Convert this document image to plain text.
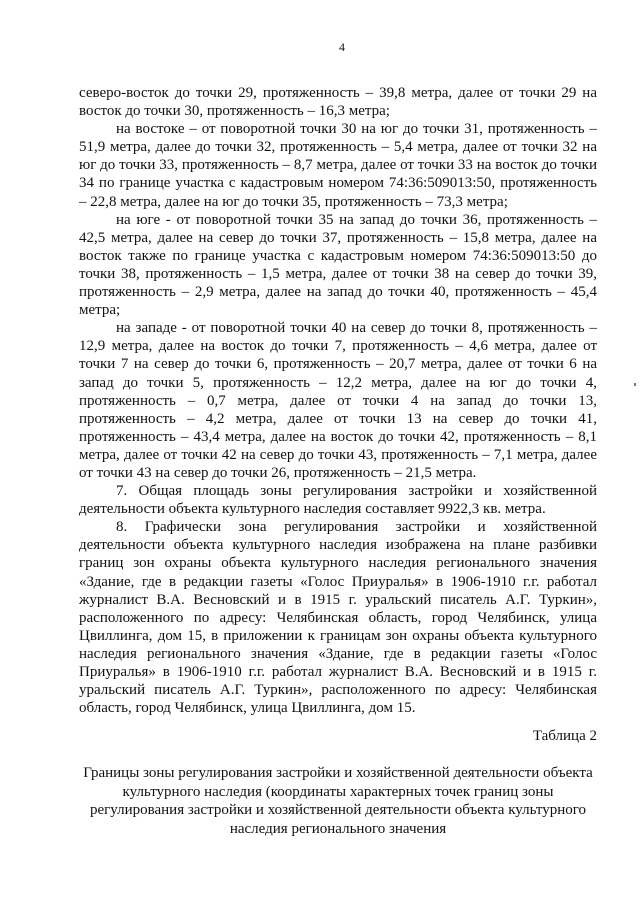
4

северо-восток до точки 29, протяженность – 39,8 метра, далее от точки 29 на восток до точки 30, протяженность – 16,3 метра;

на востоке – от поворотной точки 30 на юг до точки 31, протяженность – 51,9 метра, далее до точки 32, протяженность – 5,4 метра, далее от точки 32 на юг до точки 33, протяженность – 8,7 метра, далее от точки 33 на восток до точки 34 по границе участка с кадастровым номером 74:36:509013:50, протяженность – 22,8 метра, далее на юг до точки 35, протяженность – 73,3 метра;

на юге - от поворотной точки 35 на запад до точки 36, протяженность – 42,5 метра, далее на север до точки 37, протяженность – 15,8 метра, далее на восток также по границе участка с кадастровым номером 74:36:509013:50 до точки 38, протяженность – 1,5 метра, далее от точки 38 на север до точки 39, протяженность – 2,9 метра, далее на запад до точки 40, протяженность – 45,4 метра;

на западе - от поворотной точки 40 на север до точки 8, протяженность – 12,9 метра, далее на восток до точки 7, протяженность – 4,6 метра, далее от точки 7 на север до точки 6, протяженность – 20,7 метра, далее от точки 6 на запад до точки 5, протяженность – 12,2 метра, далее на юг до точки 4, протяженность – 0,7 метра, далее от точки 4 на запад до точки 13, протяженность – 4,2 метра, далее от точки 13 на север до точки 41, протяженность – 43,4 метра, далее на восток до точки 42, протяженность – 8,1 метра, далее от точки 42 на север до точки 43, протяженность – 7,1 метра, далее от точки 43 на север до точки 26, протяженность – 21,5 метра.

7. Общая площадь зоны регулирования застройки и хозяйственной деятельности объекта культурного наследия составляет 9922,3 кв. метра.

8. Графически зона регулирования застройки и хозяйственной деятельности объекта культурного наследия изображена на плане разбивки границ зон охраны объекта культурного наследия регионального значения «Здание, где в редакции газеты «Голос Приуралья» в 1906-1910 г.г. работал журналист В.А. Весновский и в 1915 г. уральский писатель А.Г. Туркин», расположенного по адресу: Челябинская область, город Челябинск, улица Цвиллинга, дом 15, в приложении к границам зон охраны объекта культурного наследия регионального значения «Здание, где в редакции газеты «Голос Приуралья» в 1906-1910 г.г. работал журналист В.А. Весновский и в 1915 г. уральский писатель А.Г. Туркин», расположенного по адресу: Челябинская область, город Челябинск, улица Цвиллинга, дом 15.

Таблица 2
Границы зоны регулирования застройки и хозяйственной деятельности объекта культурного наследия (координаты характерных точек границ зоны регулирования застройки и хозяйственной деятельности объекта культурного наследия регионального значения
